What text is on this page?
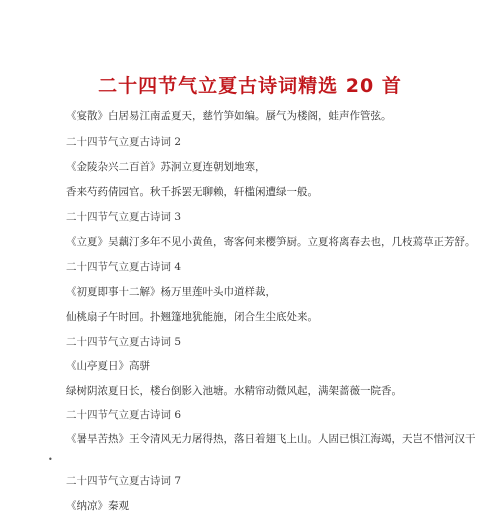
二十四节气立夏古诗词精选 20 首
《宴散》白居易江南孟夏天，慈竹笋如编。蜃气为楼阁，蛙声作管弦。
二十四节气立夏古诗词 2
《金陵杂兴二百首》苏泂立夏连朝划地寒，
香来芍药倩园官。秋千拆罢无聊赖，轩槛闲遭绿一般。
二十四节气立夏古诗词 3
《立夏》吴藕汀多年不见小黄鱼，寄客何来樱笋厨。立夏将离春去也，几枝蔫草正芳舒。
二十四节气立夏古诗词 4
《初夏即事十二解》杨万里莲叶头巾道样裁，
仙桃扇子午时回。扑翘篷地犹能施，闭合生尘底处来。
二十四节气立夏古诗词 5
《山亭夏日》高骈
绿树阴浓夏日长，楼台倒影入池塘。水精帘动微风起，满架蔷薇一院香。
二十四节气立夏古诗词 6
《暑旱苦热》王令清风无力屠得热，落日着翅飞上山。人固已惧江海竭，天岂不惜河汉干
•
二十四节气立夏古诗词 7
《纳凉》秦观
